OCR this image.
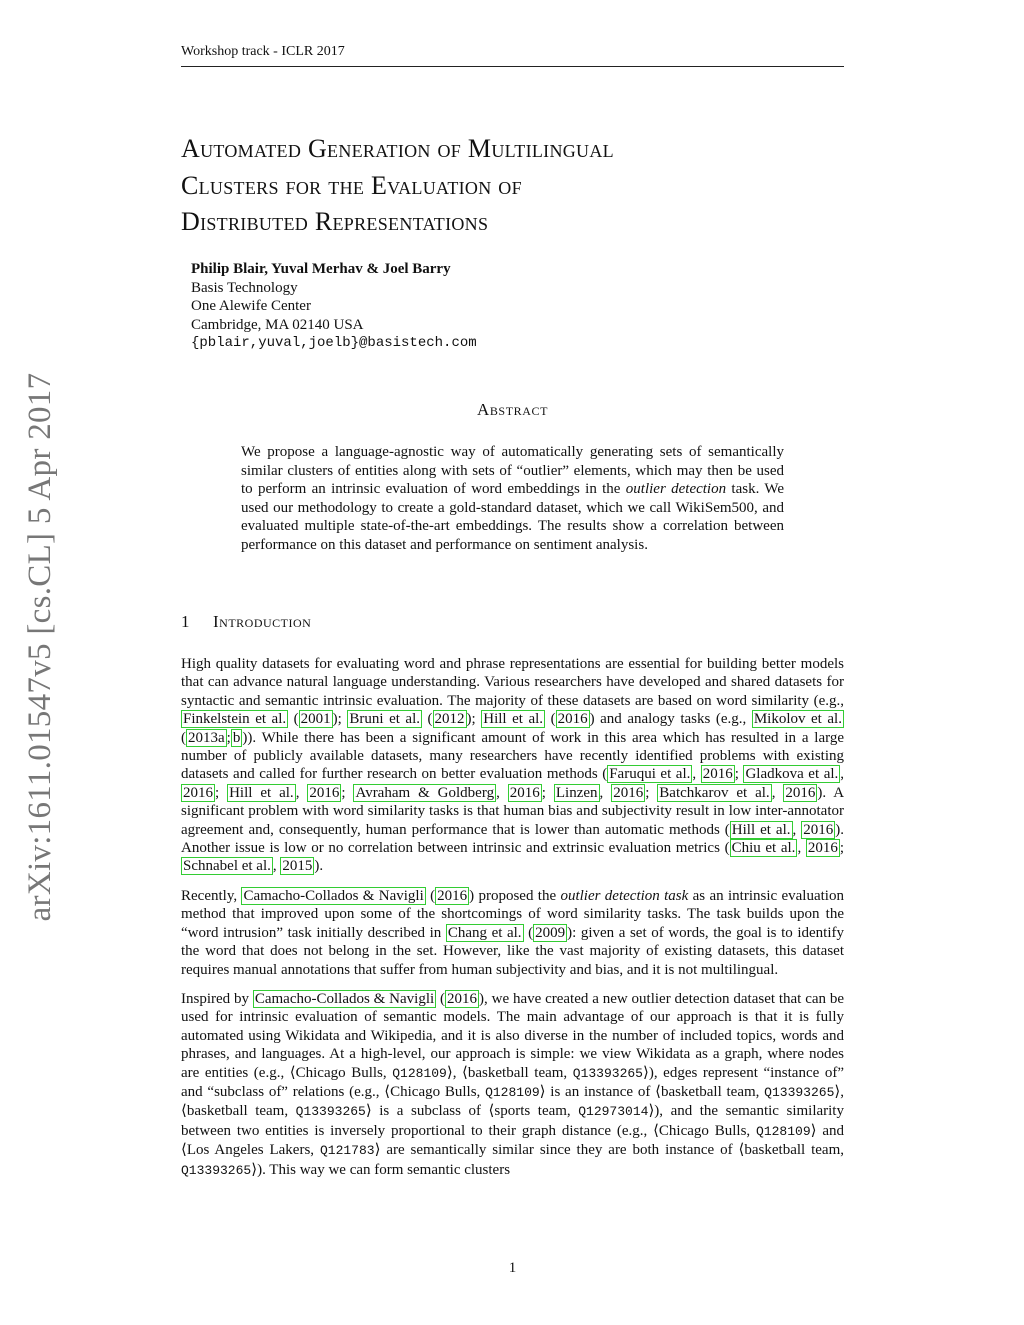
Workshop track - ICLR 2017
arXiv:1611.01547v5 [cs.CL] 5 Apr 2017
Automated Generation of Multilingual
Clusters for the Evaluation of
Distributed Representations
Philip Blair, Yuval Merhav & Joel Barry
Basis Technology
One Alewife Center
Cambridge, MA 02140 USA
{pblair,yuval,joelb}@basistech.com
Abstract
We propose a language-agnostic way of automatically generating sets of semantically similar clusters of entities along with sets of “outlier” elements, which may then be used to perform an intrinsic evaluation of word embeddings in the outlier detection task. We used our methodology to create a gold-standard dataset, which we call WikiSem500, and evaluated multiple state-of-the-art embeddings. The results show a correlation between performance on this dataset and performance on sentiment analysis.
1 Introduction

High quality datasets for evaluating word and phrase representations are essential for building better models that can advance natural language understanding. Various researchers have developed and shared datasets for syntactic and semantic intrinsic evaluation. The majority of these datasets are based on word similarity (e.g., Finkelstein et al. ( 2001 ); Bruni et al. ( 2012 ); Hill et al. ( 2016 ) and analogy tasks (e.g., Mikolov et al. ( 2013a ; b )). While there has been a significant amount of work in this area which has resulted in a large number of publicly available datasets, many researchers have recently identified problems with existing datasets and called for further research on better evaluation methods ( Faruqui et al. , 2016 ; Gladkova et al. , 2016 ; Hill et al. , 2016 ; Avraham & Goldberg , 2016 ; Linzen , 2016 ; Batchkarov et al. , 2016 ). A significant problem with word similarity tasks is that human bias and subjectivity result in low inter-annotator agreement and, consequently, human performance that is lower than automatic methods ( Hill et al. , 2016 ). Another issue is low or no correlation between intrinsic and extrinsic evaluation metrics ( Chiu et al. , 2016 ; Schnabel et al. , 2015 ).

Recently, Camacho-Collados & Navigli ( 2016 ) proposed the outlier detection task as an intrinsic evaluation method that improved upon some of the shortcomings of word similarity tasks. The task builds upon the “word intrusion” task initially described in Chang et al. ( 2009 ): given a set of words, the goal is to identify the word that does not belong in the set. However, like the vast majority of existing datasets, this dataset requires manual annotations that suffer from human subjectivity and bias, and it is not multilingual.

Inspired by Camacho-Collados & Navigli ( 2016 ), we have created a new outlier detection dataset that can be used for intrinsic evaluation of semantic models. The main advantage of our approach is that it is fully automated using Wikidata and Wikipedia, and it is also diverse in the number of included topics, words and phrases, and languages. At a high-level, our approach is simple: we view Wikidata as a graph, where nodes are entities (e.g., ⟨Chicago Bulls, Q128109⟩, ⟨basketball team, Q13393265⟩), edges represent “instance of” and “subclass of” relations (e.g., ⟨Chicago Bulls, Q128109⟩ is an instance of ⟨basketball team, Q13393265⟩, ⟨basketball team, Q13393265⟩ is a subclass of ⟨sports team, Q12973014⟩), and the semantic similarity between two entities is inversely proportional to their graph distance (e.g., ⟨Chicago Bulls, Q128109⟩ and ⟨Los Angeles Lakers, Q121783⟩ are semantically similar since they are both instance of ⟨basketball team, Q13393265⟩). This way we can form semantic clusters

1
